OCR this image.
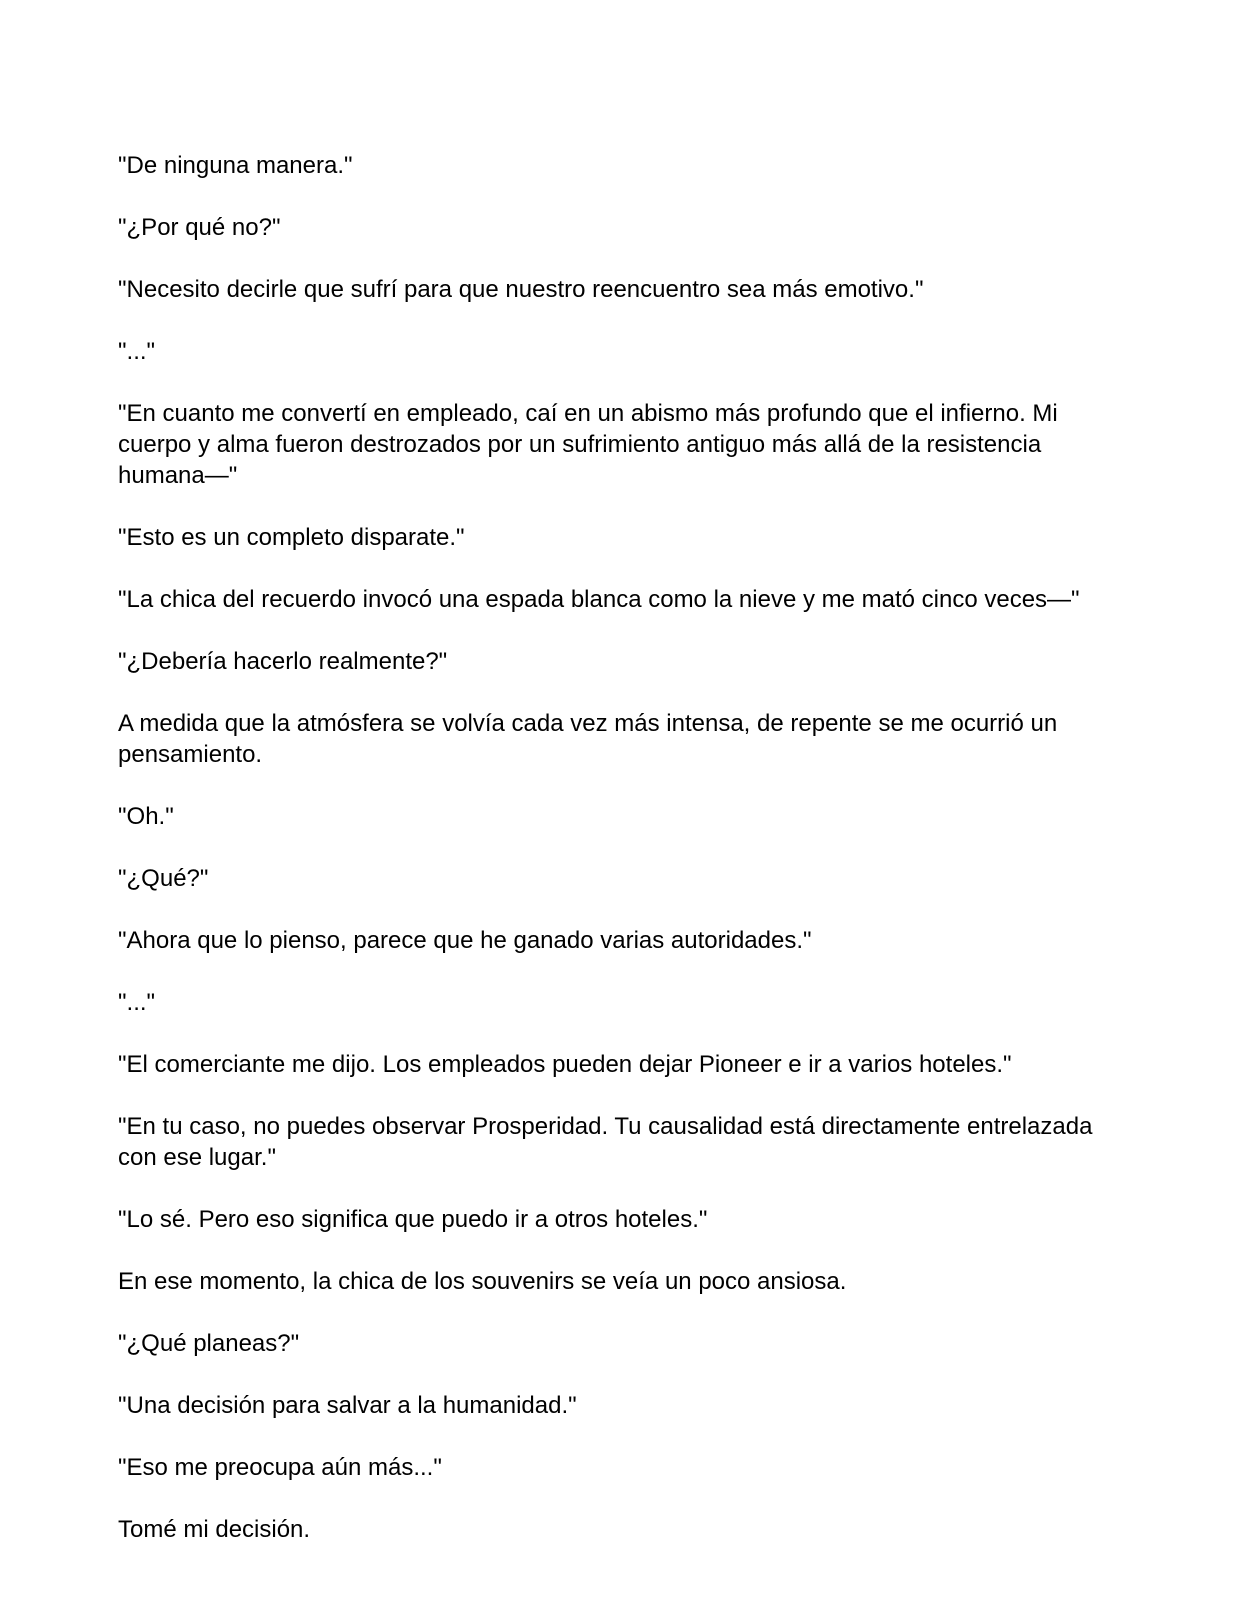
"De ninguna manera."

"¿Por qué no?"

"Necesito decirle que sufrí para que nuestro reencuentro sea más emotivo."

"..."

"En cuanto me convertí en empleado, caí en un abismo más profundo que el infierno. Mi cuerpo y alma fueron destrozados por un sufrimiento antiguo más allá de la resistencia humana—"

"Esto es un completo disparate."

"La chica del recuerdo invocó una espada blanca como la nieve y me mató cinco veces—"

"¿Debería hacerlo realmente?"

A medida que la atmósfera se volvía cada vez más intensa, de repente se me ocurrió un pensamiento.

"Oh."

"¿Qué?"

"Ahora que lo pienso, parece que he ganado varias autoridades."

"..."

"El comerciante me dijo. Los empleados pueden dejar Pioneer e ir a varios hoteles."

"En tu caso, no puedes observar Prosperidad. Tu causalidad está directamente entrelazada con ese lugar."

"Lo sé. Pero eso significa que puedo ir a otros hoteles."

En ese momento, la chica de los souvenirs se veía un poco ansiosa.

"¿Qué planeas?"

"Una decisión para salvar a la humanidad."

"Eso me preocupa aún más..."

Tomé mi decisión.
